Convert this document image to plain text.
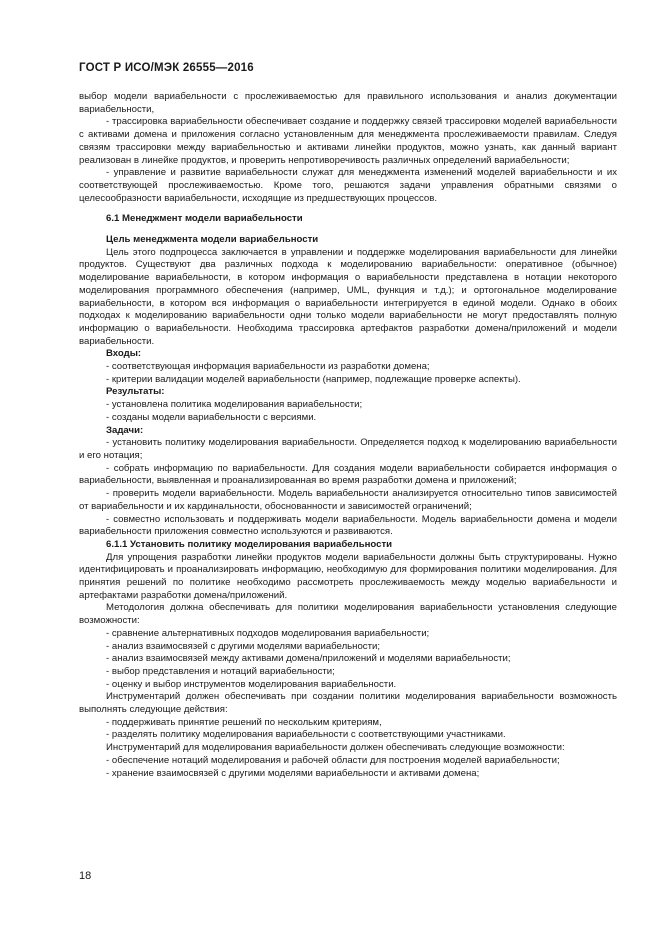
ГОСТ Р ИСО/МЭК 26555—2016

выбор модели вариабельности с прослеживаемостью для правильного использования и анализ документации вариабельности,

- трассировка вариабельности обеспечивает создание и поддержку связей трассировки моделей вариабельности с активами домена и приложения согласно установленным для менеджмента прослеживаемости правилам. Следуя связям трассировки между вариабельностью и активами линейки продуктов, можно узнать, как данный вариант реализован в линейке продуктов, и проверить непротиворечивость различных определений вариабельности;

- управление и развитие вариабельности служат для менеджмента изменений моделей вариабельности и их соответствующей прослеживаемостью. Кроме того, решаются задачи управления обратными связями о целесообразности вариабельности, исходящие из предшествующих процессов.

6.1 Менеджмент модели вариабельности

Цель менеджмента модели вариабельности

Цель этого подпроцесса заключается в управлении и поддержке моделирования вариабельности для линейки продуктов. Существуют два различных подхода к моделированию вариабельности: оперативное (обычное) моделирование вариабельности, в котором информация о вариабельности представлена в нотации некоторого моделирования программного обеспечения (например, UML, функция и т.д.); и ортогональное моделирование вариабельности, в котором вся информация о вариабельности интегрируется в единой модели. Однако в обоих подходах к моделированию вариабельности одни только модели вариабельности не могут предоставлять полную информацию о вариабельности. Необходима трассировка артефактов разработки домена/приложений и модели вариабельности.

Входы:

- соответствующая информация вариабельности из разработки домена;

- критерии валидации моделей вариабельности (например, подлежащие проверке аспекты).

Результаты:

- установлена политика моделирования вариабельности;

- созданы модели вариабельности с версиями.

Задачи:

- установить политику моделирования вариабельности. Определяется подход к моделированию вариабельности и его нотация;

- собрать информацию по вариабельности. Для создания модели вариабельности собирается информация о вариабельности, выявленная и проанализированная во время разработки домена и приложений;

- проверить модели вариабельности. Модель вариабельности анализируется относительно типов зависимостей от вариабельности и их кардинальности, обоснованности и зависимостей ограничений;

- совместно использовать и поддерживать модели вариабельности. Модель вариабельности домена и модели вариабельности приложения совместно используются и развиваются.

6.1.1 Установить политику моделирования вариабельности

Для упрощения разработки линейки продуктов модели вариабельности должны быть структурированы. Нужно идентифицировать и проанализировать информацию, необходимую для формирования политики моделирования. Для принятия решений по политике необходимо рассмотреть прослеживаемость между моделью вариабельности и артефактами разработки домена/приложений.

Методология должна обеспечивать для политики моделирования вариабельности установления следующие возможности:

- сравнение альтернативных подходов моделирования вариабельности;

- анализ взаимосвязей с другими моделями вариабельности;

- анализ взаимосвязей между активами домена/приложений и моделями вариабельности;

- выбор представления и нотаций вариабельности;

- оценку и выбор инструментов моделирования вариабельности.

Инструментарий должен обеспечивать при создании политики моделирования вариабельности возможность выполнять следующие действия:

- поддерживать принятие решений по нескольким критериям,

- разделять политику моделирования вариабельности с соответствующими участниками.

Инструментарий для моделирования вариабельности должен обеспечивать следующие возможности:

- обеспечение нотаций моделирования и рабочей области для построения моделей вариабельности;

- хранение взаимосвязей с другими моделями вариабельности и активами домена;

18
